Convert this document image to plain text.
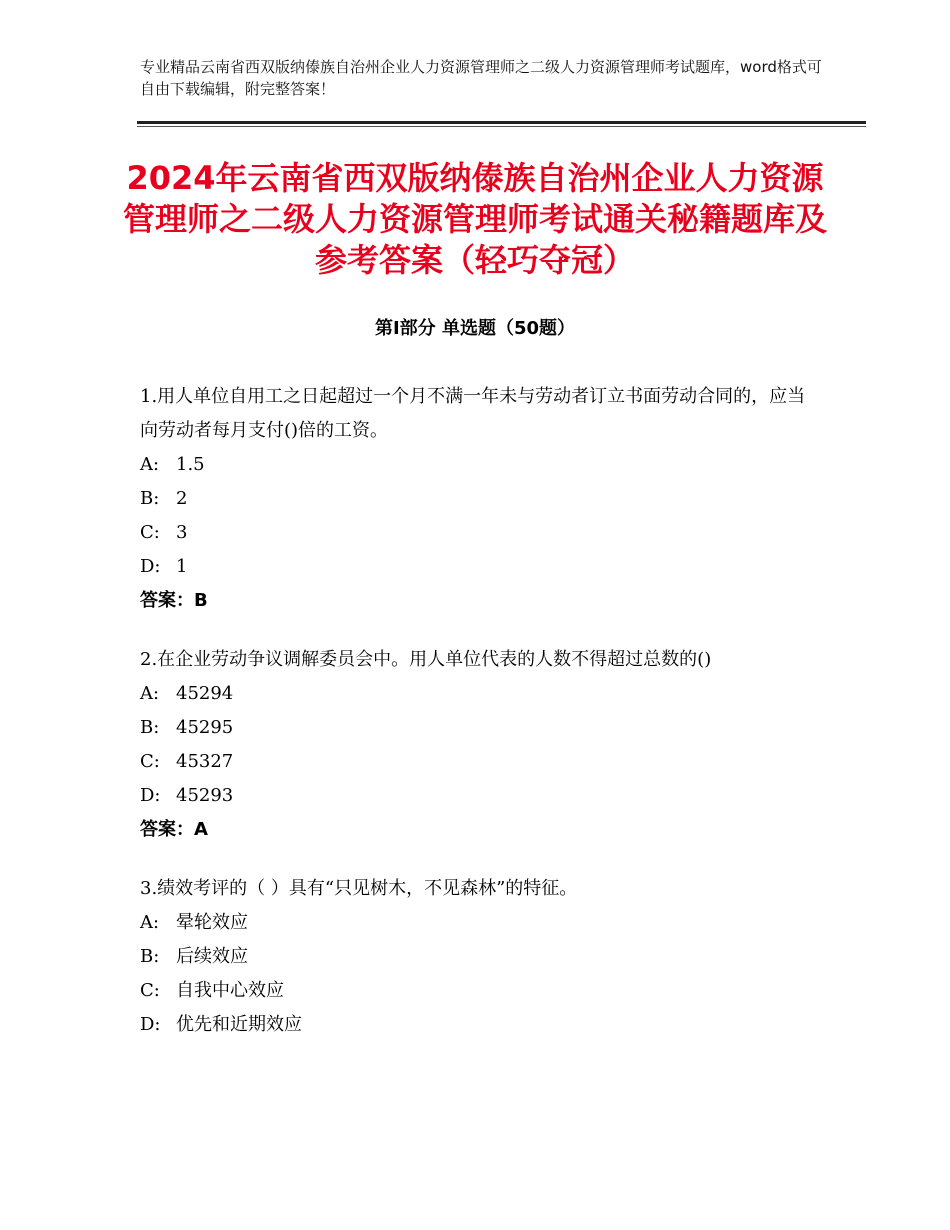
专业精品云南省西双版纳傣族自治州企业人力资源管理师之二级人力资源管理师考试题库，word格式可自由下载编辑，附完整答案！
2024年云南省西双版纳傣族自治州企业人力资源管理师之二级人力资源管理师考试通关秘籍题库及参考答案（轻巧夺冠）
第Ⅰ部分 单选题（50题）

1.用人单位自用工之日起超过一个月不满一年未与劳动者订立书面劳动合同的，应当向劳动者每月支付()倍的工资。

A: 1.5

B: 2

C: 3

D: 1

答案：B

2.在企业劳动争议调解委员会中。用人单位代表的人数不得超过总数的()

A: 45294

B: 45295

C: 45327

D: 45293

答案：A

3.绩效考评的（ ）具有“只见树木，不见森林”的特征。

A: 晕轮效应

B: 后续效应

C: 自我中心效应

D: 优先和近期效应
